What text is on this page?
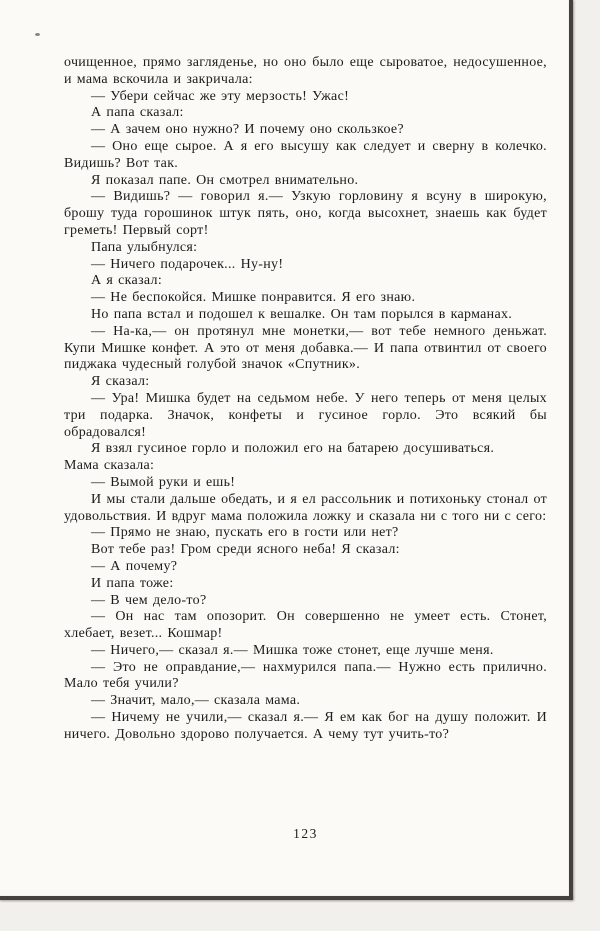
очищенное, прямо загляденье, но оно было еще сыроватое, недосушенное, и мама вскочила и закричала:

— Убери сейчас же эту мерзость! Ужас!

А папа сказал:

— А зачем оно нужно? И почему оно скользкое?

— Оно еще сырое. А я его высушу как следует и сверну в колечко. Видишь? Вот так.

Я показал папе. Он смотрел внимательно.

— Видишь? — говорил я.— Узкую горловину я всуну в широкую, брошу туда горошинок штук пять, оно, когда высохнет, знаешь как будет греметь! Первый сорт!

Папа улыбнулся:

— Ничего подарочек... Ну-ну!

А я сказал:

— Не беспокойся. Мишке понравится. Я его знаю.

Но папа встал и подошел к вешалке. Он там порылся в карманах.

— На-ка,— он протянул мне монетки,— вот тебе немного деньжат. Купи Мишке конфет. А это от меня добавка.— И папа отвинтил от своего пиджака чудесный голубой значок «Спутник».

Я сказал:

— Ура! Мишка будет на седьмом небе. У него теперь от меня целых три подарка. Значок, конфеты и гусиное горло. Это всякий бы обрадовался!

Я взял гусиное горло и положил его на батарею досушиваться.

Мама сказала:

— Вымой руки и ешь!

И мы стали дальше обедать, и я ел рассольник и потихоньку стонал от удовольствия. И вдруг мама положила ложку и сказала ни с того ни с сего:

— Прямо не знаю, пускать его в гости или нет?

Вот тебе раз! Гром среди ясного неба! Я сказал:

— А почему?

И папа тоже:

— В чем дело-то?

— Он нас там опозорит. Он совершенно не умеет есть. Стонет, хлебает, везет... Кошмар!

— Ничего,— сказал я.— Мишка тоже стонет, еще лучше меня.

— Это не оправдание,— нахмурился папа.— Нужно есть прилично. Мало тебя учили?

— Значит, мало,— сказала мама.

— Ничему не учили,— сказал я.— Я ем как бог на душу положит. И ничего. Довольно здорово получается. А чему тут учить-то?

123
